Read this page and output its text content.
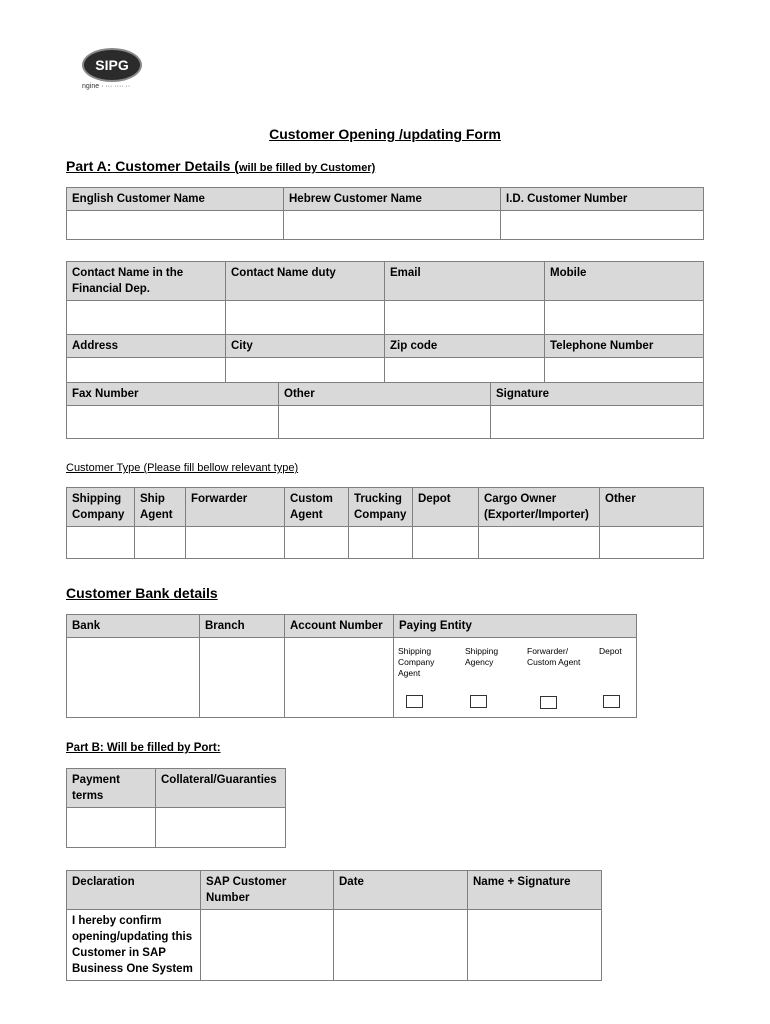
SIPG
ngine · ··· ···· ··
Customer Opening /updating Form
Part A: Customer Details (will be filled by Customer)
English Customer Name	Hebrew Customer Name	I.D. Customer Number

Contact Name in the Financial Dep.	Contact Name duty	Email	Mobile

Address	City	Zip code	Telephone Number

Fax Number	Other	Signature

Customer Type (Please fill bellow relevant type)
Shipping Company	Ship Agent	Forwarder	Custom Agent	Trucking Company	Depot	Cargo Owner (Exporter/Importer)	Other

Customer Bank details
Bank	Branch	Account Number	Paying Entity

			Shipping Company Agent
Shipping Agency
Forwarder/ Custom Agent
Depot
Part B: Will be filled by Port:
Payment terms	Collateral/Guaranties

Declaration	SAP Customer Number	Date	Name + Signature
I hereby confirm opening/updating this Customer in SAP Business One System			
